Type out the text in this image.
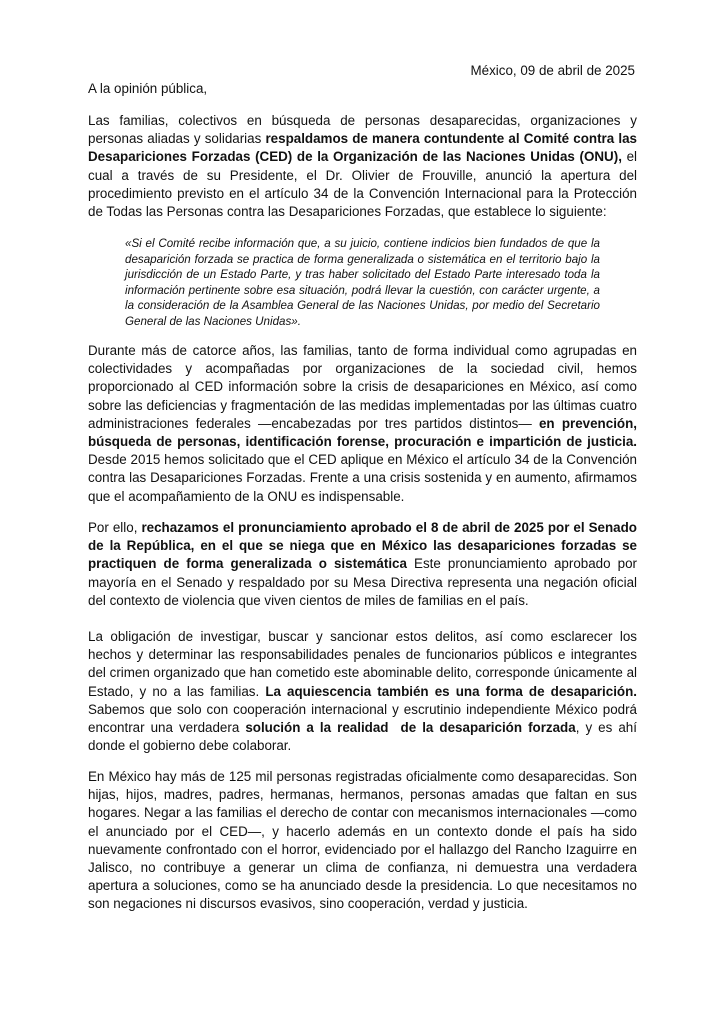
México, 09 de abril de 2025
A la opinión pública,

Las familias, colectivos en búsqueda de personas desaparecidas, organizaciones y personas aliadas y solidarias respaldamos de manera contundente al Comité contra las Desapariciones Forzadas (CED) de la Organización de las Naciones Unidas (ONU), el cual a través de su Presidente, el Dr. Olivier de Frouville, anunció la apertura del procedimiento previsto en el artículo 34 de la Convención Internacional para la Protección de Todas las Personas contra las Desapariciones Forzadas, que establece lo siguiente:

«Si el Comité recibe información que, a su juicio, contiene indicios bien fundados de que la desaparición forzada se practica de forma generalizada o sistemática en el territorio bajo la jurisdicción de un Estado Parte, y tras haber solicitado del Estado Parte interesado toda la información pertinente sobre esa situación, podrá llevar la cuestión, con carácter urgente, a la consideración de la Asamblea General de las Naciones Unidas, por medio del Secretario General de las Naciones Unidas».

Durante más de catorce años, las familias, tanto de forma individual como agrupadas en colectividades y acompañadas por organizaciones de la sociedad civil, hemos proporcionado al CED información sobre la crisis de desapariciones en México, así como sobre las deficiencias y fragmentación de las medidas implementadas por las últimas cuatro administraciones federales —encabezadas por tres partidos distintos— en prevención, búsqueda de personas, identificación forense, procuración e impartición de justicia. Desde 2015 hemos solicitado que el CED aplique en México el artículo 34 de la Convención contra las Desapariciones Forzadas. Frente a una crisis sostenida y en aumento, afirmamos que el acompañamiento de la ONU es indispensable.

Por ello, rechazamos el pronunciamiento aprobado el 8 de abril de 2025 por el Senado de la República, en el que se niega que en México las desapariciones forzadas se practiquen de forma generalizada o sistemática Este pronunciamiento aprobado por mayoría en el Senado y respaldado por su Mesa Directiva representa una negación oficial del contexto de violencia que viven cientos de miles de familias en el país.

La obligación de investigar, buscar y sancionar estos delitos, así como esclarecer los hechos y determinar las responsabilidades penales de funcionarios públicos e integrantes del crimen organizado que han cometido este abominable delito, corresponde únicamente al Estado, y no a las familias. La aquiescencia también es una forma de desaparición. Sabemos que solo con cooperación internacional y escrutinio independiente México podrá encontrar una verdadera solución a la realidad  de la desaparición forzada, y es ahí donde el gobierno debe colaborar.

En México hay más de 125 mil personas registradas oficialmente como desaparecidas. Son hijas, hijos, madres, padres, hermanas, hermanos, personas amadas que faltan en sus hogares. Negar a las familias el derecho de contar con mecanismos internacionales —como el anunciado por el CED—, y hacerlo además en un contexto donde el país ha sido nuevamente confrontado con el horror, evidenciado por el hallazgo del Rancho Izaguirre en Jalisco, no contribuye a generar un clima de confianza, ni demuestra una verdadera apertura a soluciones, como se ha anunciado desde la presidencia. Lo que necesitamos no son negaciones ni discursos evasivos, sino cooperación, verdad y justicia.
